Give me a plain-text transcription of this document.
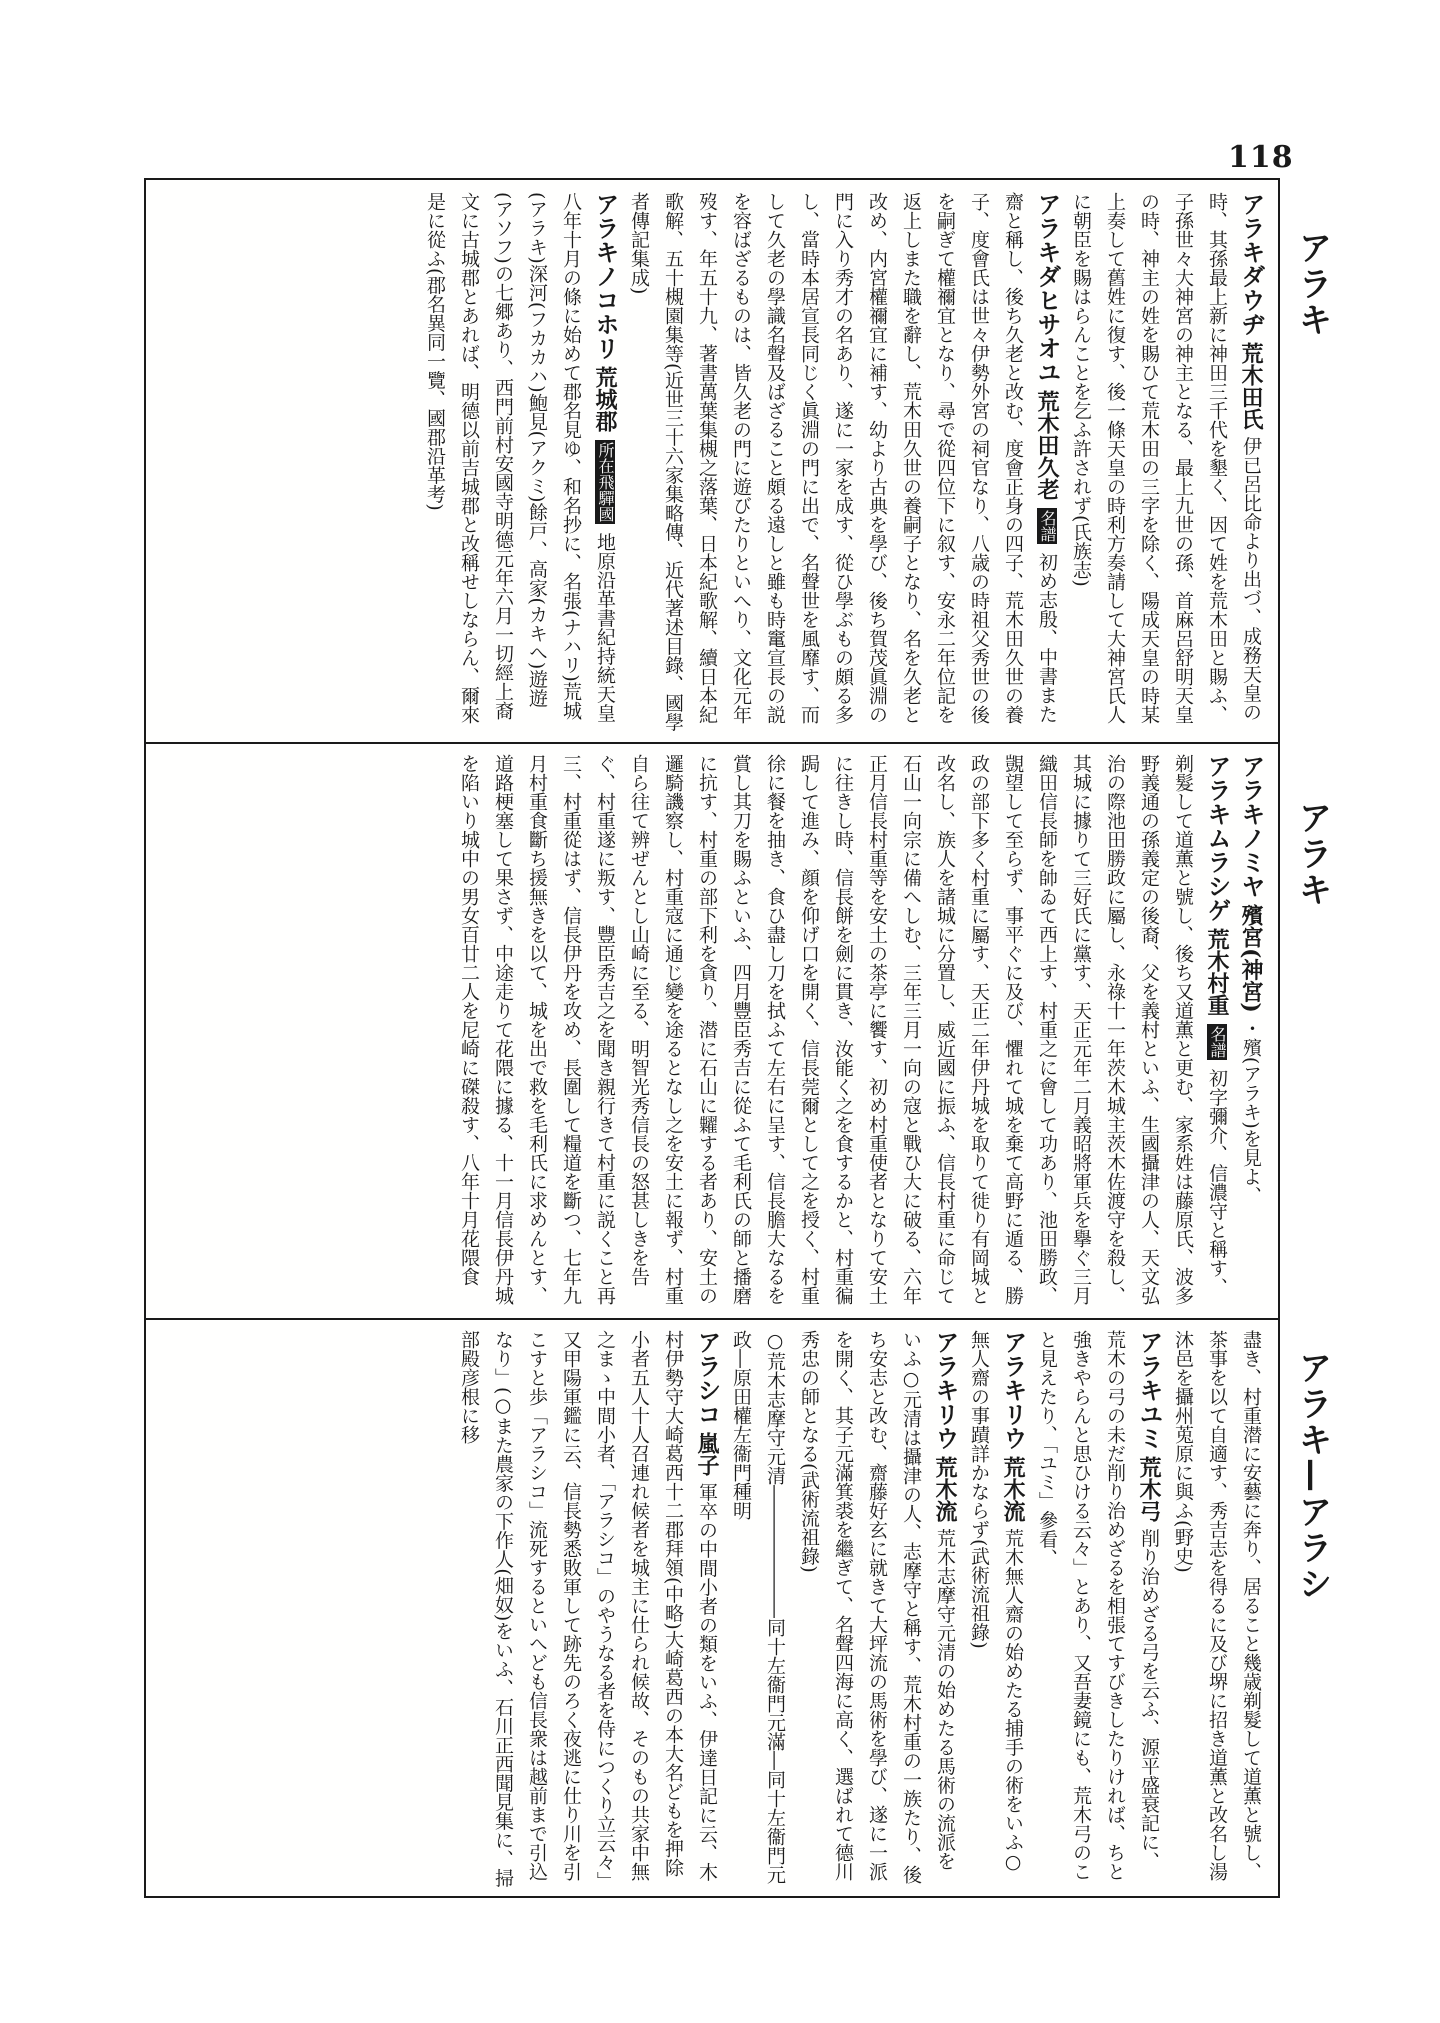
118
アラキ
アラキ
アラキ—アラシ
アラキダウヂ 荒木田氏 伊已呂比命より出づ、成務天皇の時、其孫最上新に神田三千代を墾く、因て姓を荒木田と賜ふ、子孫世々大神宮の神主となる、最上九世の孫、首麻呂舒明天皇の時、神主の姓を賜ひて荒木田の三字を除く、陽成天皇の時某上奏して舊姓に復す、後一條天皇の時利方奏請して大神宮氏人に朝臣を賜はらんことを乞ふ許されず(氏族志)
アラキダヒサオユ 荒木田久老 名譜 初め志殷、中書また齋と稱し、後ち久老と改む、度會正身の四子、荒木田久世の養子、度會氏は世々伊勢外宮の祠官なり、八歳の時祖父秀世の後を嗣ぎて權禰宜となり、尋で從四位下に叙す、安永二年位記を返上しまた職を辭し、荒木田久世の養嗣子となり、名を久老と改め、内宮權禰宜に補す、幼より古典を學び、後ち賀茂眞淵の門に入り秀才の名あり、遂に一家を成す、從ひ學ぶもの頗る多し、當時本居宣長同じく眞淵の門に出で、名聲世を風靡す、而して久老の學識名聲及ばざること頗る遠しと雖も時竃宣長の説を容ばざるものは、皆久老の門に遊びたりといへり、文化元年歿す、年五十九、著書萬葉集槻之落葉、日本紀歌解、續日本紀歌解、五十槻園集等(近世三十六家集略傳、近代著述目錄、國學者傳記集成)
アラキノコホリ 荒城郡 所在飛驒國 地原沿革書紀持統天皇八年十月の條に始めて郡名見ゆ、和名抄に、名張(ナハリ)荒城(アラキ)深河(フカカハ)鮑見(アクミ)餘戸、高家(カキへ)遊遊(アソフ)の七郷あり、西門前村安國寺明德元年六月一切經上裔文に古城郡とあれば、明德以前吉城郡と改稱せしならん、爾來是に從ふ(郡名異同一覽、國郡沿革考)
アラキノミヤ 殯宮(神宮) ・殯(アラキ)を見よ、
アラキムラシゲ 荒木村重 名譜 初字彌介、信濃守と稱す、剃髮して道薫と號し、後ち又道薫と更む、家系姓は藤原氏、波多野義通の孫義定の後裔、父を義村といふ、生國攝津の人、天文弘治の際池田勝政に屬し、永祿十一年茨木城主茨木佐渡守を殺し、其城に據りて三好氏に黨す、天正元年二月義昭將軍兵を擧ぐ三月織田信長師を帥ゐて西上す、村重之に會して功あり、池田勝政、覬望して至らず、事平ぐに及び、懼れて城を棄て高野に遁る、勝政の部下多く村重に屬す、天正二年伊丹城を取りて徙り有岡城と改名し、族人を諸城に分置し、威近國に振ふ、信長村重に命じて石山一向宗に備へしむ、三年三月一向の寇と戰ひ大に破る、六年正月信長村重等を安土の茶亭に饗す、初め村重使者となりて安土に往きし時、信長餅を劍に貫き、汝能く之を食するかと、村重徧跼して進み、顔を仰げ口を開く、信長莞爾として之を授く、村重徐に餐を抽き、食ひ盡し刀を拭ふて左右に呈す、信長膽大なるを賞し其刀を賜ふといふ、四月豐臣秀吉に從ふて毛利氏の師と播磨に抗す、村重の部下利を貪り、潜に石山に糶する者あり、安土の邏騎譏察し、村重寇に通じ變を途るとなし之を安土に報ず、村重自ら往て辨ぜんとし山崎に至る、明智光秀信長の怒甚しきを告ぐ、村重遂に叛す、豐臣秀吉之を聞き親行きて村重に説くこと再三、村重從はず、信長伊丹を攻め、長圍して糧道を斷つ、七年九月村重食斷ち援無きを以て、城を出で救を毛利氏に求めんとす、道路梗塞して果さず、中途走りて花隈に據る、十一月信長伊丹城を陷いり城中の男女百廿二人を尼崎に磔殺す、八年十月花隈食
盡き、村重潜に安藝に奔り、居ること幾歳剃髮して道薫と號し、茶事を以て自適す、秀吉志を得るに及び堺に招き道薫と改名し湯沐邑を攝州莵原に與ふ(野史)
アラキユミ 荒木弓 削り治めざる弓を云ふ、源平盛衰記に、荒木の弓の未だ削り治めざるを相張てすびきしたりければ、ちと強きやらんと思ひける云々」とあり、又吾妻鏡にも、荒木弓のこと見えたり、「ユミ」參看、
アラキリウ 荒木流 荒木無人齋の始めたる捕手の術をいふ○無人齋の事蹟詳かならず(武術流祖錄)
アラキリウ 荒木流 荒木志摩守元清の始めたる馬術の流派をいふ○元清は攝津の人、志摩守と稱す、荒木村重の一族たり、後ち安志と改む、齋藤好玄に就きて大坪流の馬術を學び、遂に一派を開く、其子元滿箕裘を繼ぎて、名聲四海に高く、選ばれて德川秀忠の師となる(武術流祖錄)
○荒木志摩守元清―――――――同十左衞門元滿―同十左衞門元政―原田權左衞門種明
アラシコ 嵐子 軍卒の中間小者の類をいふ、伊達日記に云、木村伊勢守大崎葛西十二郡拜領(中略)大崎葛西の本大名どもを押除小者五人十人召連れ候者を城主に仕られ候故、そのもの共家中無之まゝ中間小者、「アラシコ」のやうなる者を侍につくり立云々」又甲陽軍鑑に云、信長勢悉敗軍して跡先のろく夜逃に仕り川を引こすと歩「アラシコ」流死するといへども信長衆は越前まで引込なり」(○また農家の下作人(畑奴)をいふ、石川正西聞見集に、掃部殿彦根に移
